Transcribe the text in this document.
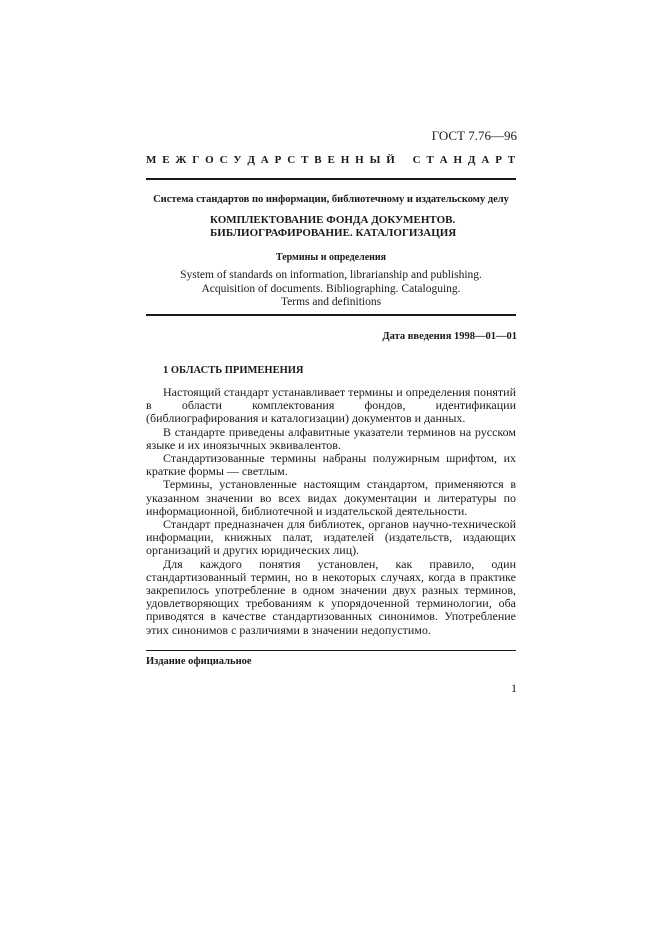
ГОСТ 7.76—96
М Е Ж Г О С У Д А Р С Т В Е Н Н Ы Й
С Т А Н Д А Р Т
Система стандартов по информации, библиотечному и издательскому делу
КОМПЛЕКТОВАНИЕ ФОНДА ДОКУМЕНТОВ.
БИБЛИОГРАФИРОВАНИЕ. КАТАЛОГИЗАЦИЯ
Термины и определения
System of standards on information, librarianship and publishing.
Acquisition of documents. Bibliographing. Cataloguing.
Terms and definitions
Дата введения 1998—01—01
1 ОБЛАСТЬ ПРИМЕНЕНИЯ

Настоящий стандарт устанавливает термины и определения понятий в области комплектования фондов, идентификации (библиографирования и каталогизации) документов и данных.

В стандарте приведены алфавитные указатели терминов на русском языке и их иноязычных эквивалентов.

Стандартизованные термины набраны полужирным шрифтом, их краткие формы — светлым.

Термины, установленные настоящим стандартом, применяются в указанном значении во всех видах документации и литературы по информационной, библиотечной и издательской деятельности.

Стандарт предназначен для библиотек, органов научно-технической информации, книжных палат, издателей (издательств, издающих организаций и других юридических лиц).

Для каждого понятия установлен, как правило, один стандартизованный термин, но в некоторых случаях, когда в практике закрепилось употребление в одном значении двух разных терминов, удовлетворяющих требованиям к упорядоченной терминологии, оба приводятся в качестве стандартизованных синонимов. Употребление этих синонимов с различиями в значении недопустимо.

Издание официальное
1
